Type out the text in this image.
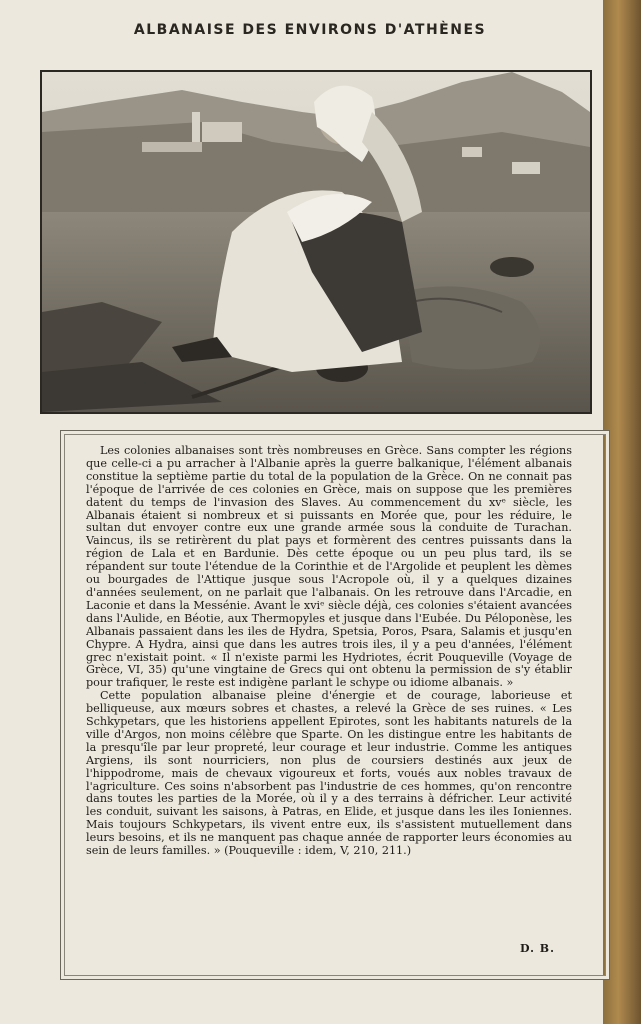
ALBANAISE DES ENVIRONS D'ATHÈNES

Les colonies albanaises sont très nombreuses en Grèce. Sans compter les régions que celle-ci a pu arracher à l'Albanie après la guerre balkanique, l'élément albanais constitue la septième partie du total de la population de la Grèce. On ne connait pas l'époque de l'arrivée de ces colonies en Grèce, mais on suppose que les premières datent du temps de l'invasion des Slaves. Au commencement du xvᵉ siècle, les Albanais étaient si nombreux et si puissants en Morée que, pour les réduire, le sultan dut envoyer contre eux une grande armée sous la conduite de Turachan. Vaincus, ils se retirèrent du plat pays et formèrent des centres puissants dans la région de Lala et en Bardunie. Dès cette époque ou un peu plus tard, ils se répandent sur toute l'étendue de la Corinthie et de l'Argolide et peuplent les dèmes ou bourgades de l'Attique jusque sous l'Acropole où, il y a quelques dizaines d'années seulement, on ne parlait que l'albanais. On les retrouve dans l'Arcadie, en Laconie et dans la Messénie. Avant le xviᵉ siècle déjà, ces colonies s'étaient avancées dans l'Aulide, en Béotie, aux Thermopyles et jusque dans l'Eubée. Du Péloponèse, les Albanais passaient dans les iles de Hydra, Spetsia, Poros, Psara, Salamis et jusqu'en Chypre. A Hydra, ainsi que dans les autres trois iles, il y a peu d'années, l'élément grec n'existait point. « Il n'existe parmi les Hydriotes, écrit Pouqueville (Voyage de Grèce, VI, 35) qu'une vingtaine de Grecs qui ont obtenu la permission de s'y établir pour trafiquer, le reste est indigène parlant le schype ou idiome albanais. »

Cette population albanaise pleine d'énergie et de courage, laborieuse et belliqueuse, aux mœurs sobres et chastes, a relevé la Grèce de ses ruines. « Les Schkypetars, que les historiens appellent Epirotes, sont les habitants naturels de la ville d'Argos, non moins célèbre que Sparte. On les distingue entre les habitants de la presqu'île par leur propreté, leur courage et leur industrie. Comme les antiques Argiens, ils sont nourriciers, non plus de coursiers destinés aux jeux de l'hippodrome, mais de chevaux vigoureux et forts, voués aux nobles travaux de l'agriculture. Ces soins n'absorbent pas l'industrie de ces hommes, qu'on rencontre dans toutes les parties de la Morée, où il y a des terrains à défricher. Leur activité les conduit, suivant les saisons, à Patras, en Elide, et jusque dans les iles Ioniennes. Mais toujours Schkypetars, ils vivent entre eux, ils s'assistent mutuellement dans leurs besoins, et ils ne manquent pas chaque année de rapporter leurs économies au sein de leurs familles. » (Pouqueville : idem, V, 210, 211.)

D. B.
